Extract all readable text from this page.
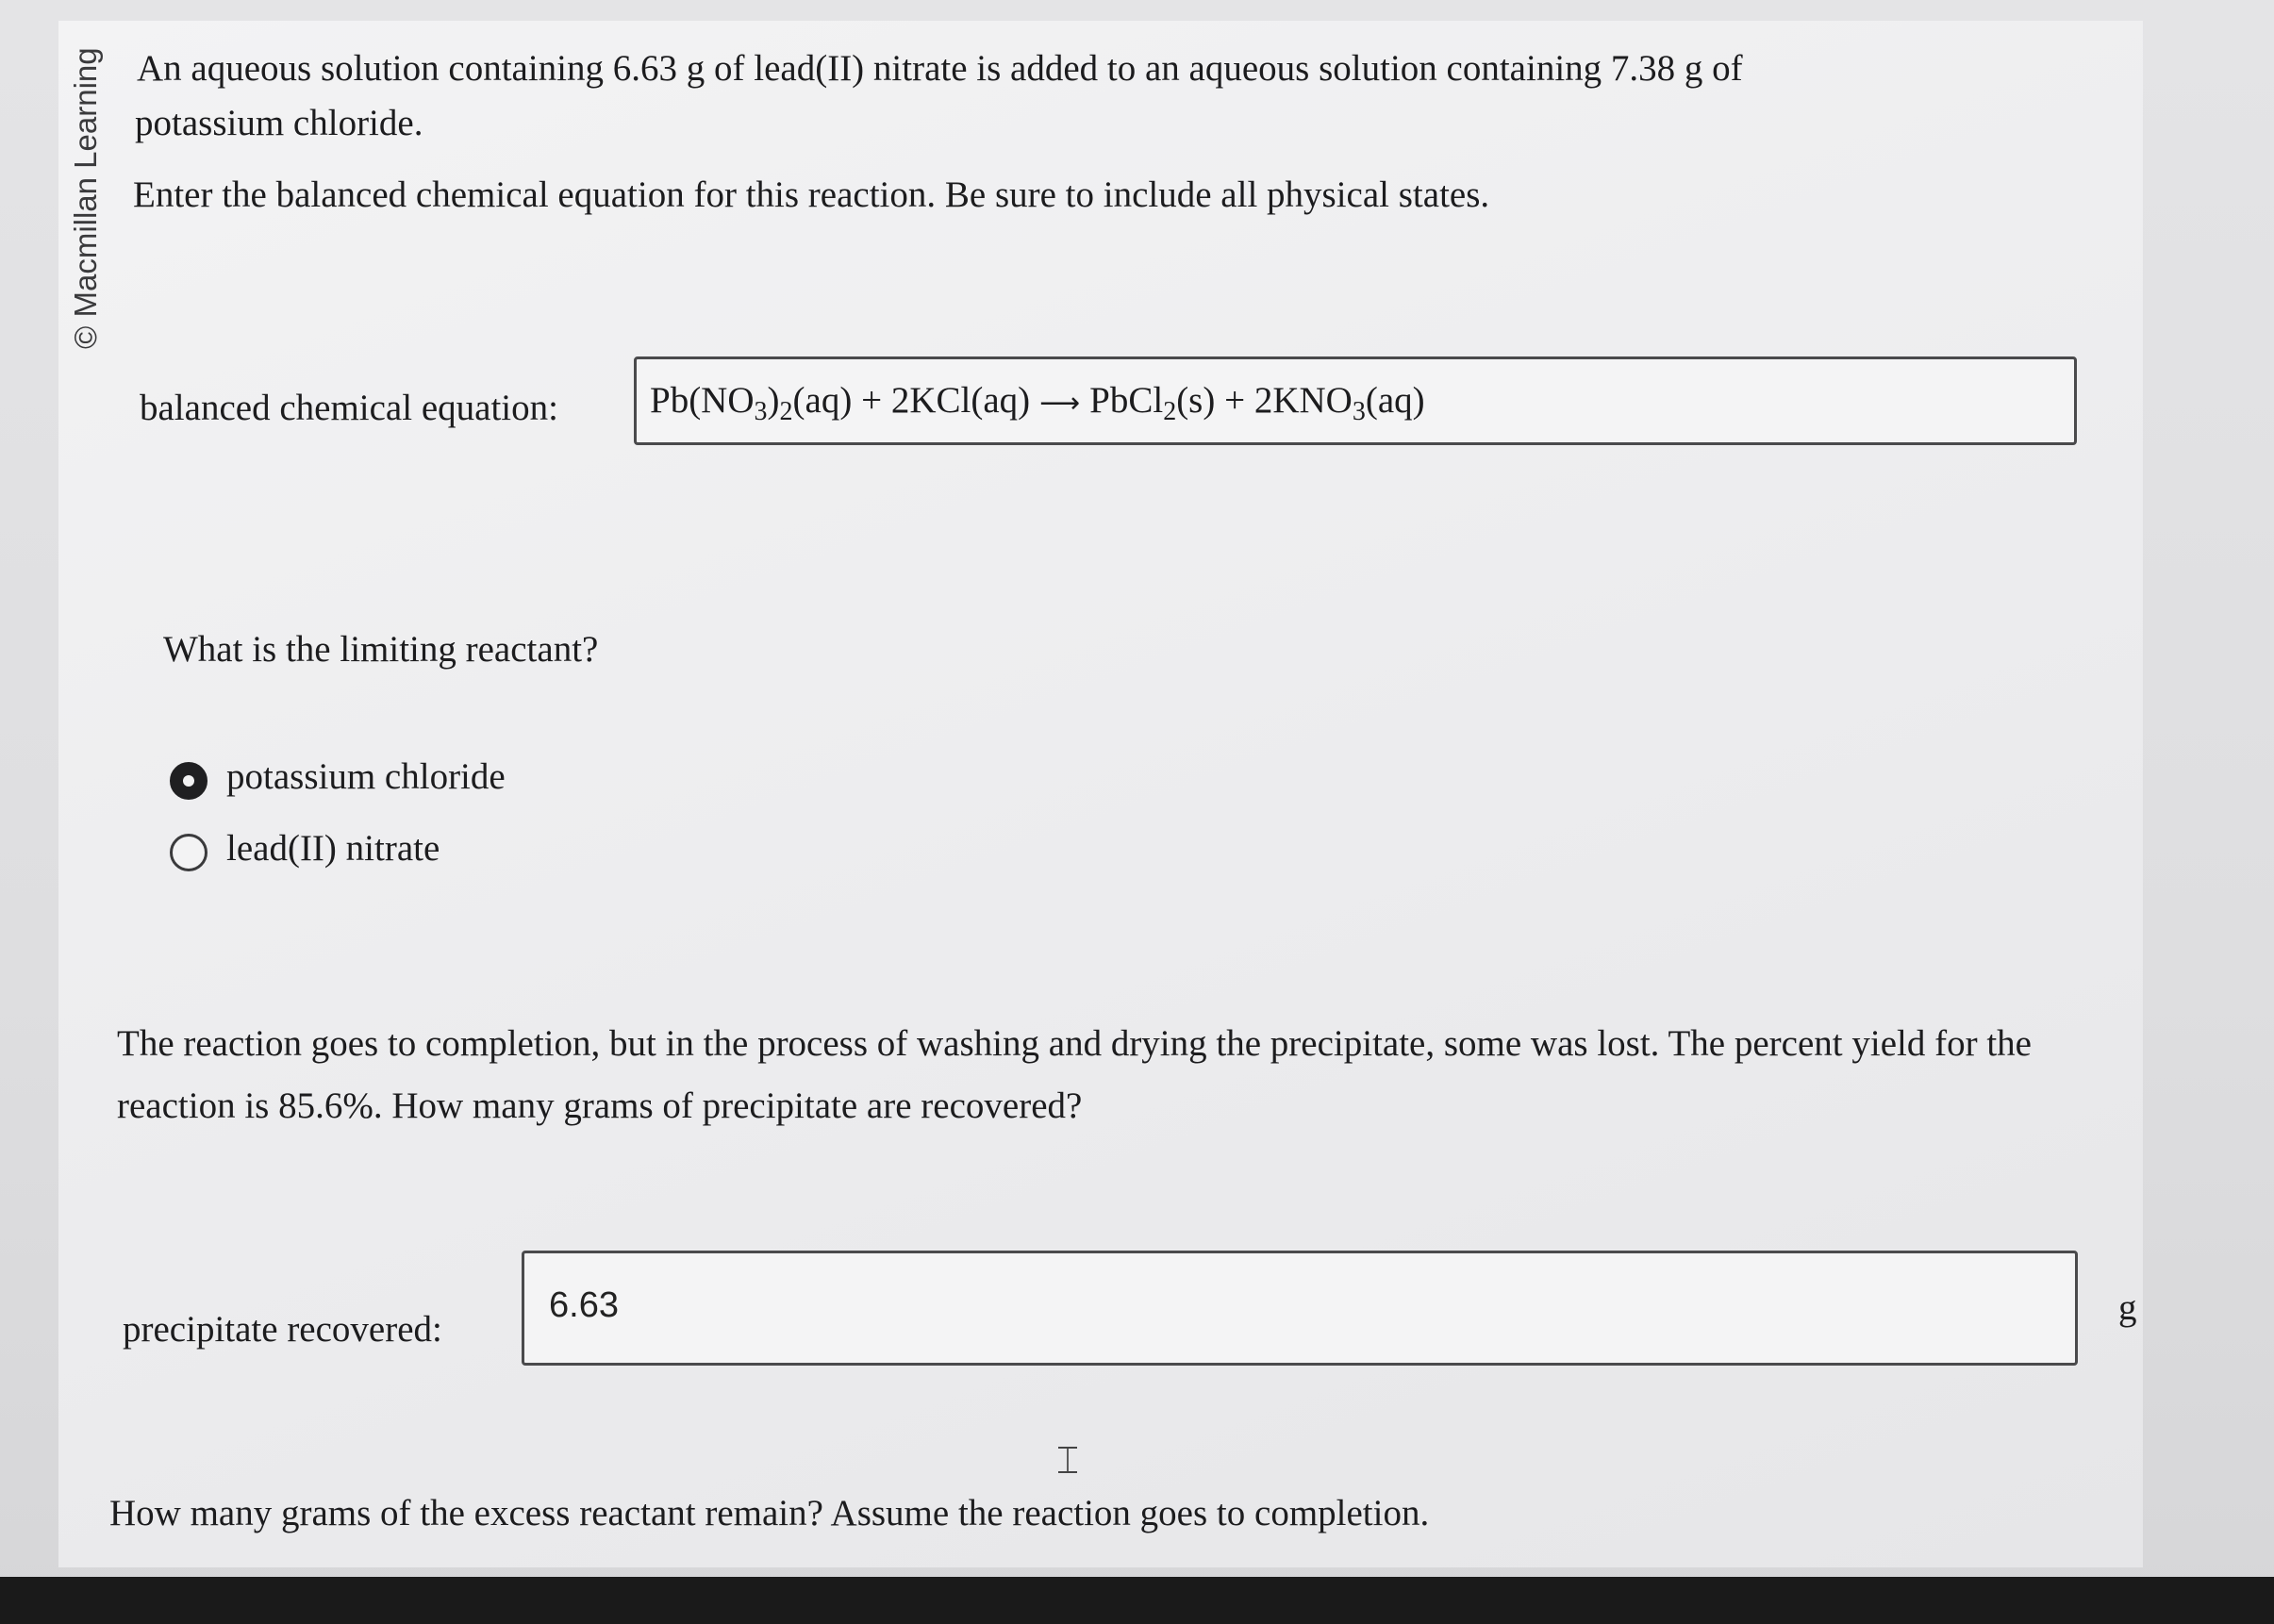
© Macmillan Learning An aqueous solution containing 6.63 g of lead(II) nitrate is added to an aqueous solution containing 7.38 g of
potassium chloride.
Enter the balanced chemical equation for this reaction. Be sure to include all physical states.
balanced chemical equation: $Pb(NO_3)_2(aq) + 2KCl(aq)$ ⟶ PbCl$_2$(s) + $2KNO_3(aq)$
What is the limiting reactant?
potassium chloride
lead(II) nitrate
The reaction goes to completion, but in the process of washing and drying the precipitate, some was lost. The percent yield for the reaction is 85.6%. How many grams of precipitate are recovered?
precipitate recovered:
6.63	g
How many grams of the excess reactant remain? Assume the reaction goes to completion.
⌶
